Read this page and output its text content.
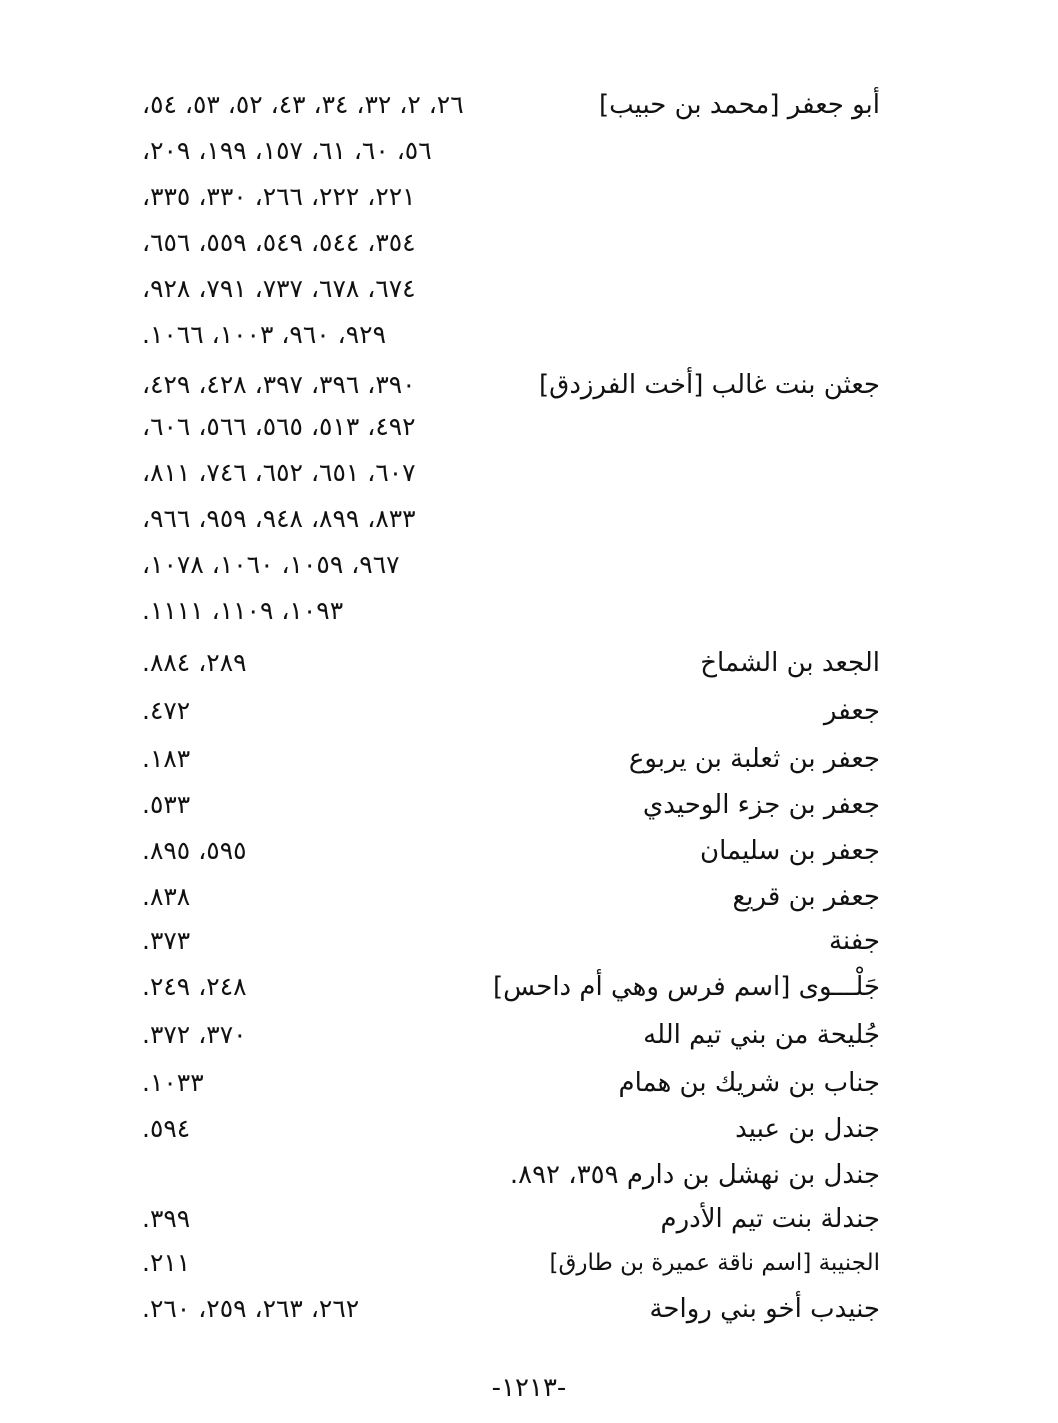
أبو جعفر [محمد بن حبيب]
٢٦، ٢، ٣٢، ٣٤، ٤٣، ٥٢، ٥٣، ٥٤،
٥٦، ٦٠، ٦١، ١٥٧، ١٩٩، ٢٠٩،
٢٢١، ٢٢٢، ٢٦٦، ٣٣٠، ٣٣٥،
٣٥٤، ٥٤٤، ٥٤٩، ٥٥٩، ٦٥٦،
٦٧٤، ٦٧٨، ٧٣٧، ٧٩١، ٩٢٨،
٩٢٩، ٩٦٠، ١٠٠٣، ١٠٦٦.
جعثن بنت غالب [أخت الفرزدق]
٣٩٠، ٣٩٦، ٣٩٧، ٤٢٨، ٤٢٩،
٤٩٢، ٥١٣، ٥٦٥، ٥٦٦، ٦٠٦،
٦٠٧، ٦٥١، ٦٥٢، ٧٤٦، ٨١١،
٨٣٣، ٨٩٩، ٩٤٨، ٩٥٩، ٩٦٦،
٩٦٧، ١٠٥٩، ١٠٦٠، ١٠٧٨،
١٠٩٣، ١١٠٩، ١١١١.
الجعد بن الشماخ
٢٨٩، ٨٨٤.
جعفر
٤٧٢.
جعفر بن ثعلبة بن يربوع
١٨٣.
جعفر بن جزء الوحيدي
٥٣٣.
جعفر بن سليمان
٥٩٥، ٨٩٥.
جعفر بن قريع
٨٣٨.
جفنة
٣٧٣.
جَلْـــوى [اسم فرس وهي أم داحس]
٢٤٨، ٢٤٩.
جُليحة من بني تيم الله
٣٧٠، ٣٧٢.
جناب بن شريك بن همام
١٠٣٣.
جندل بن عبيد
٥٩٤.
جندل بن نهشل بن دارم ٣٥٩، ٨٩٢.
جندلة بنت تيم الأدرم
٣٩٩.
الجنيبة [اسم ناقة عميرة بن طارق]
٢١١.
جنيدب أخو بني رواحة
٢٦٢، ٢٦٣، ٢٥٩، ٢٦٠.
-١٢١٣-
